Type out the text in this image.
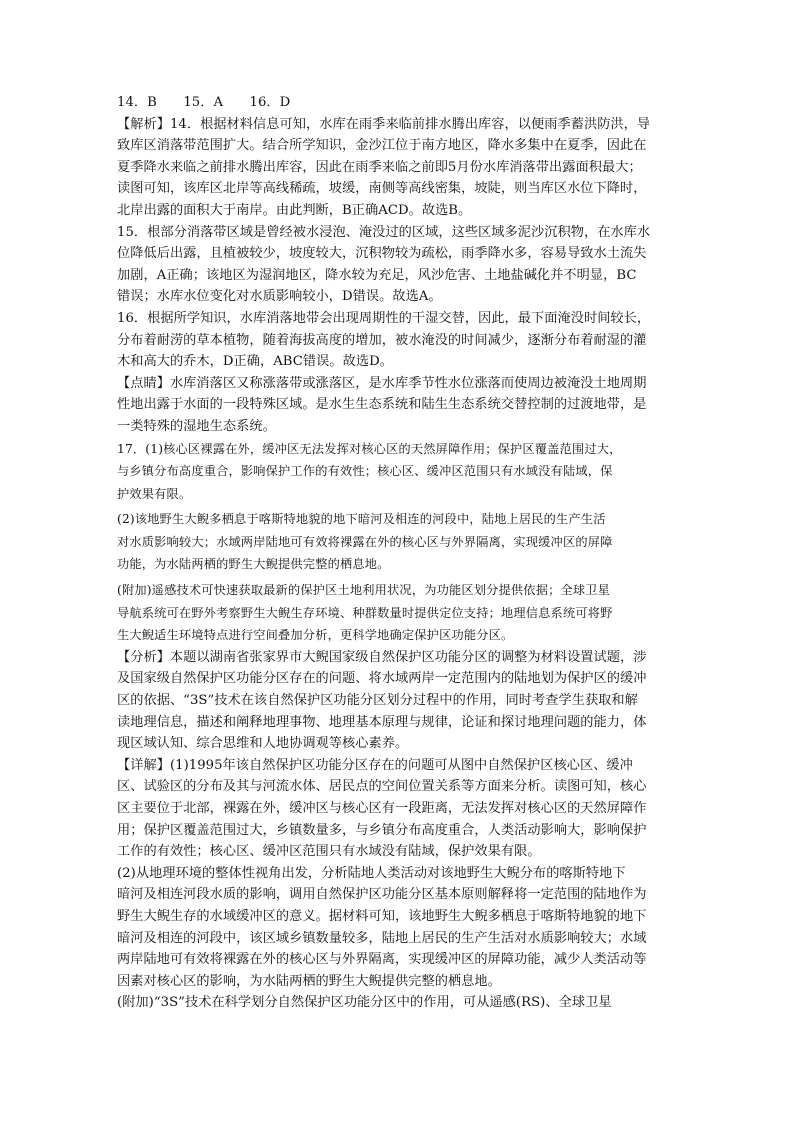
14．B　　15．A　　16．D
【解析】14．根据材料信息可知，水库在雨季来临前排水腾出库容，以便雨季蓄洪防洪，导
致库区消落带范围扩大。结合所学知识，金沙江位于南方地区，降水多集中在夏季，因此在
夏季降水来临之前排水腾出库容，因此在雨季来临之前即5月份水库消落带出露面积最大；
读图可知，该库区北岸等高线稀疏，坡缓，南侧等高线密集，坡陡，则当库区水位下降时，
北岸出露的面积大于南岸。由此判断，B正确ACD。故选B。
15．根部分消落带区域是曾经被水浸泡、淹没过的区域，这些区域多泥沙沉积物，在水库水
位降低后出露，且植被较少，坡度较大，沉积物较为疏松，雨季降水多，容易导致水土流失
加剧，A正确；该地区为湿润地区，降水较为充足，风沙危害、土地盐碱化并不明显，BC
错误；水库水位变化对水质影响较小，D错误。故选A。
16．根据所学知识，水库消落地带会出现周期性的干湿交替，因此，最下面淹没时间较长，
分布着耐涝的草本植物，随着海拔高度的增加，被水淹没的时间减少，逐渐分布着耐湿的灌
木和高大的乔木，D正确，ABC错误。故选D。
【点睛】水库消落区又称涨落带或涨落区，是水库季节性水位涨落而使周边被淹没土地周期
性地出露于水面的一段特殊区域。是水生生态系统和陆生生态系统交替控制的过渡地带，是
一类特殊的湿地生态系统。
17．(1)核心区裸露在外，缓冲区无法发挥对核心区的天然屏障作用；保护区覆盖范围过大，
与乡镇分布高度重合，影响保护工作的有效性；核心区、缓冲区范围只有水域没有陆域，保
护效果有限。
(2)该地野生大鲵多栖息于喀斯特地貌的地下暗河及相连的河段中，陆地上居民的生产生活
对水质影响较大；水域两岸陆地可有效将裸露在外的核心区与外界隔离，实现缓冲区的屏障
功能，为水陆两栖的野生大鲵提供完整的栖息地。
(附加)遥感技术可快速获取最新的保护区土地利用状况，为功能区划分提供依据；全球卫星
导航系统可在野外考察野生大鲵生存环境、种群数量时提供定位支持；地理信息系统可将野
生大鲵适生环境特点进行空间叠加分析，更科学地确定保护区功能分区。
【分析】本题以湖南省张家界市大鲵国家级自然保护区功能分区的调整为材料设置试题，涉
及国家级自然保护区功能分区存在的问题、将水域两岸一定范围内的陆地划为保护区的缓冲
区的依据、“3S”技术在该自然保护区功能分区划分过程中的作用，同时考查学生获取和解
读地理信息，描述和阐释地理事物、地理基本原理与规律，论证和探讨地理问题的能力，体
现区域认知、综合思维和人地协调观等核心素养。
【详解】(1)1995年该自然保护区功能分区存在的问题可从图中自然保护区核心区、缓冲
区、试验区的分布及其与河流水体、居民点的空间位置关系等方面来分析。读图可知，核心
区主要位于北部，裸露在外，缓冲区与核心区有一段距离，无法发挥对核心区的天然屏障作
用；保护区覆盖范围过大，乡镇数量多，与乡镇分布高度重合，人类活动影响大，影响保护
工作的有效性；核心区、缓冲区范围只有水域没有陆域，保护效果有限。
(2)从地理环境的整体性视角出发，分析陆地人类活动对该地野生大鲵分布的喀斯特地下
暗河及相连河段水质的影响，调用自然保护区功能分区基本原则解释将一定范围的陆地作为
野生大鲵生存的水域缓冲区的意义。据材料可知，该地野生大鲵多栖息于喀斯特地貌的地下
暗河及相连的河段中，该区域乡镇数量较多，陆地上居民的生产生活对水质影响较大；水域
两岸陆地可有效将裸露在外的核心区与外界隔离，实现缓冲区的屏障功能，减少人类活动等
因素对核心区的影响，为水陆两栖的野生大鲵提供完整的栖息地。
(附加)“3S”技术在科学划分自然保护区功能分区中的作用，可从遥感(RS)、全球卫星
